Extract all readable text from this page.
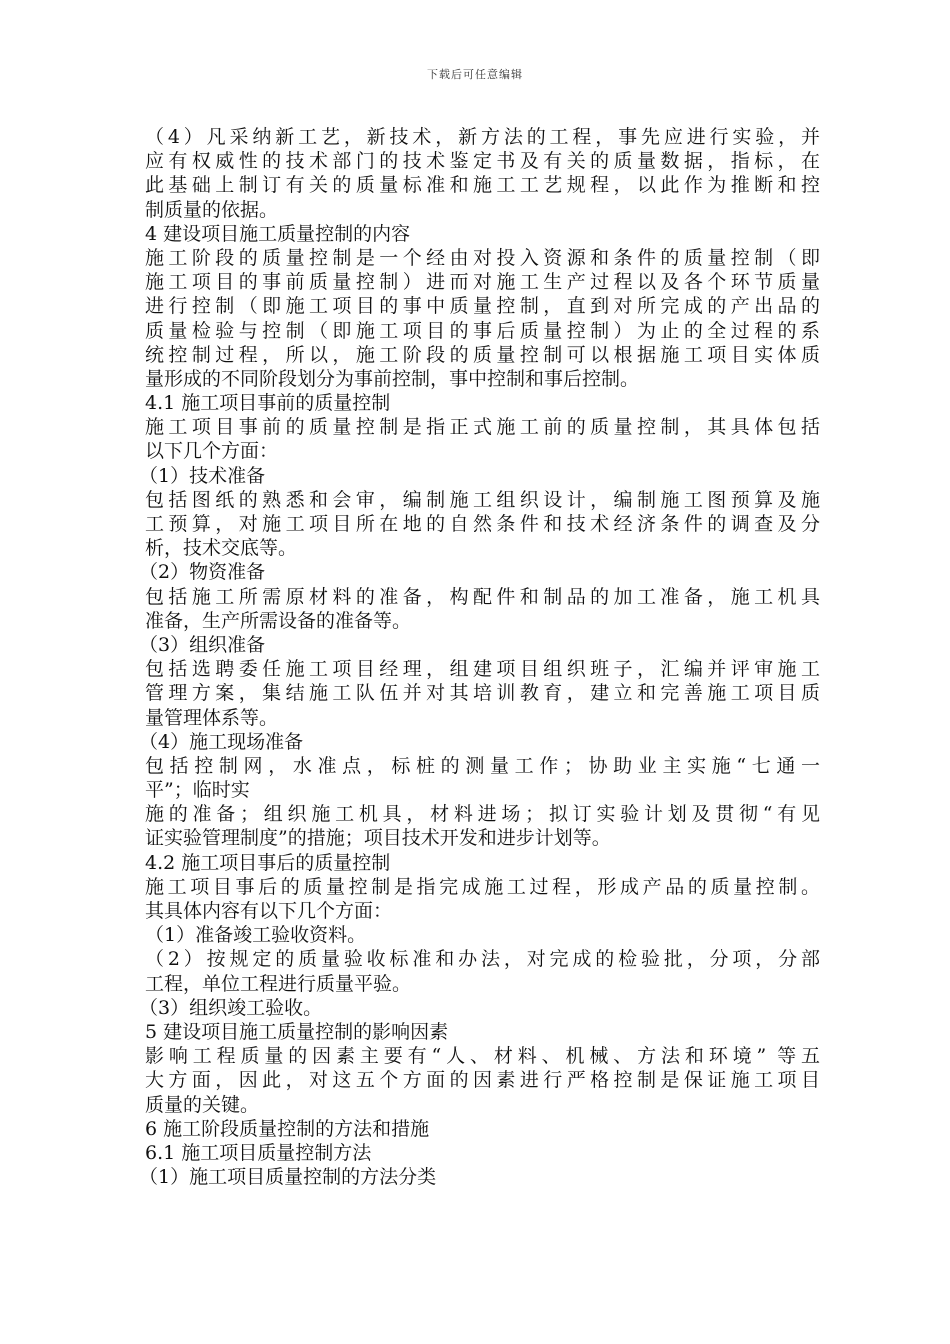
下载后可任意编辑
（4）凡采纳新工艺，新技术，新方法的工程，事先应进行实验，并
应有权威性的技术部门的技术鉴定书及有关的质量数据，指标，在
此基础上制订有关的质量标准和施工工艺规程，以此作为推断和控
制质量的依据。
4 建设项目施工质量控制的内容
施工阶段的质量控制是一个经由对投入资源和条件的质量控制（即
施工项目的事前质量控制）进而对施工生产过程以及各个环节质量
进行控制（即施工项目的事中质量控制，直到对所完成的产出品的
质量检验与控制（即施工项目的事后质量控制）为止的全过程的系
统控制过程，所以，施工阶段的质量控制可以根据施工项目实体质
量形成的不同阶段划分为事前控制，事中控制和事后控制。
4.1 施工项目事前的质量控制
施工项目事前的质量控制是指正式施工前的质量控制，其具体包括
以下几个方面：
（1）技术准备
包括图纸的熟悉和会审，编制施工组织设计，编制施工图预算及施
工预算，对施工项目所在地的自然条件和技术经济条件的调查及分
析，技术交底等。
（2）物资准备
包括施工所需原材料的准备，构配件和制品的加工准备，施工机具
准备，生产所需设备的准备等。
（3）组织准备
包括选聘委任施工项目经理，组建项目组织班子，汇编并评审施工
管理方案，集结施工队伍并对其培训教育，建立和完善施工项目质
量管理体系等。
（4）施工现场准备
包括控制网，水准点，标桩的测量工作；协助业主实施“七通一
平”；临时实
施的准备；组织施工机具，材料进场；拟订实验计划及贯彻“有见
证实验管理制度”的措施；项目技术开发和进步计划等。
4.2 施工项目事后的质量控制
施工项目事后的质量控制是指完成施工过程，形成产品的质量控制。
其具体内容有以下几个方面：
（1）准备竣工验收资料。
（2）按规定的质量验收标准和办法，对完成的检验批，分项，分部
工程，单位工程进行质量平验。
（3）组织竣工验收。
5 建设项目施工质量控制的影响因素
影响工程质量的因素主要有“人、材料、机械、方法和环境” 等五
大方面，因此，对这五个方面的因素进行严格控制是保证施工项目
质量的关键。
6 施工阶段质量控制的方法和措施
6.1 施工项目质量控制方法
（1）施工项目质量控制的方法分类
